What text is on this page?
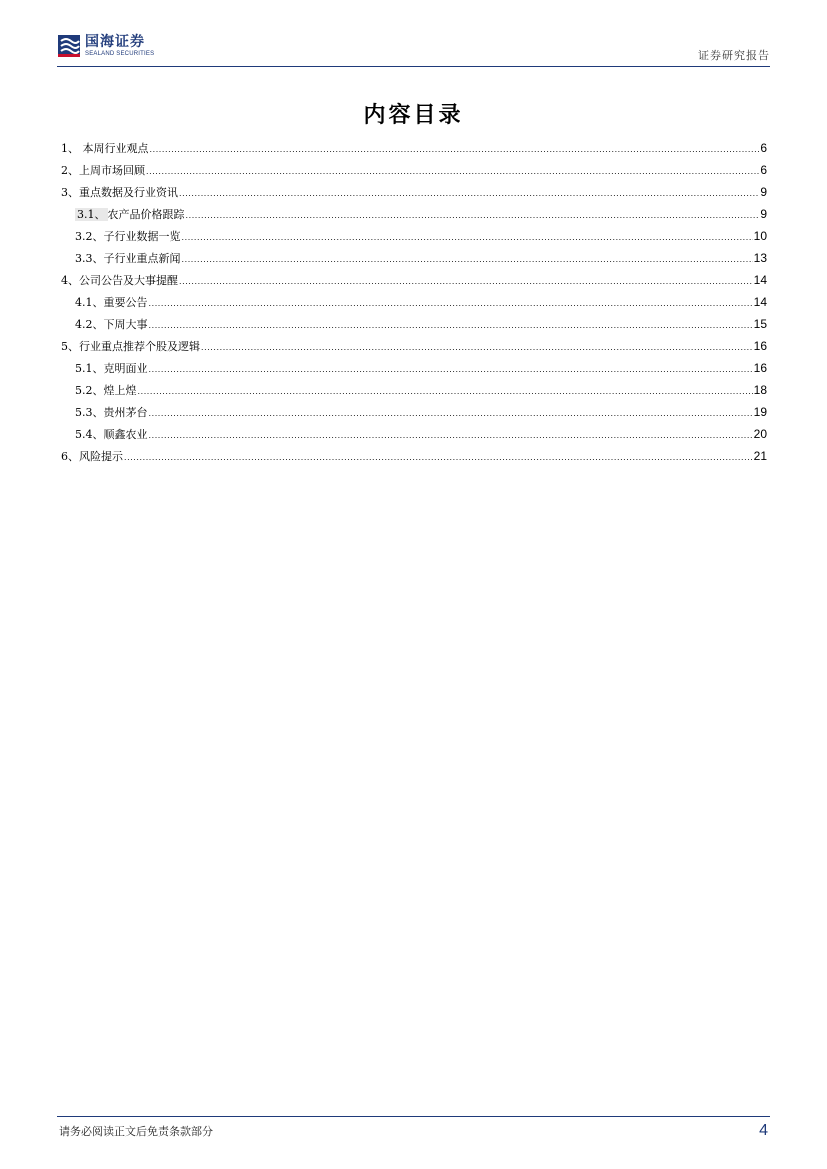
国海证券
SEALAND SECURITIES	证券研究报告
内容目录
1、 本周行业观点 .....	6
2、上周市场回顾 .....	6
3、重点数据及行业资讯 .....	9
3.1、 农产品价格跟踪 .....	9
3.2、子行业数据一览 .....	10
3.3、子行业重点新闻 .....	13
4、公司公告及大事提醒 .....	14
4.1、重要公告 .....	14
4.2、下周大事 .....	15
5、行业重点推荐个股及逻辑 .....	16
5.1、克明面业 .....	16
5.2、煌上煌 .....	18
5.3、贵州茅台 .....	19
5.4、顺鑫农业 .....	20
6、风险提示 .....	21
请务必阅读正文后免责条款部分	4
